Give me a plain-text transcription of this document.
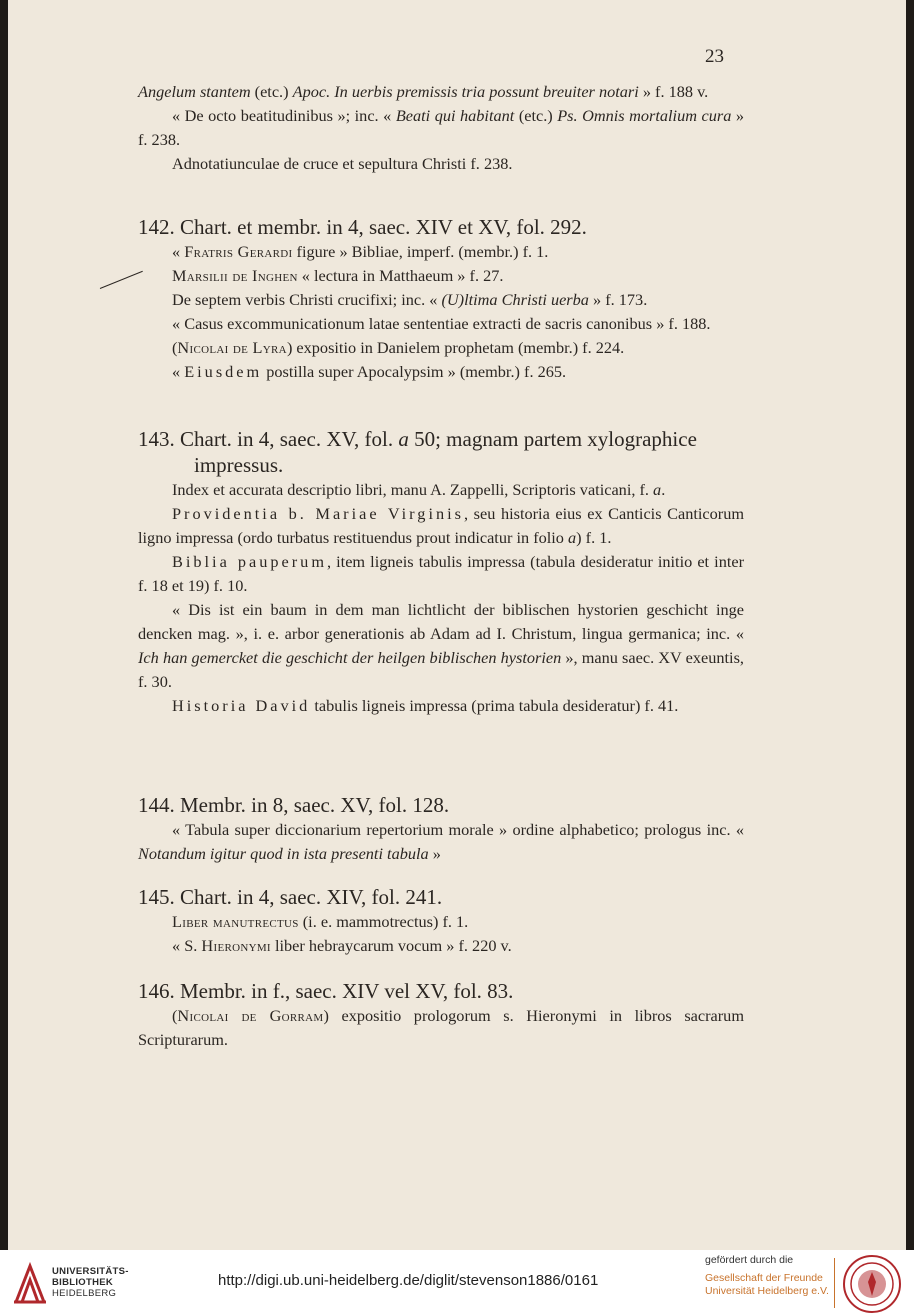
23

Angelum stantem (etc.) Apoc. In uerbis premissis tria possunt breuiter notari » f. 188 v.

« De octo beatitudinibus »; inc. « Beati qui habitant (etc.) Ps. Omnis mortalium cura » f. 238.

Adnotatiunculae de cruce et sepultura Christi f. 238.

142. Chart. et membr. in 4, saec. XIV et XV, fol. 292.

« Fratris Gerardi figure » Bibliae, imperf. (membr.) f. 1.

Marsilii de Inghen « lectura in Matthaeum » f. 27.

De septem verbis Christi crucifixi; inc. « (U)ltima Christi uerba » f. 173.

« Casus excommunicationum latae sententiae extracti de sacris canonibus » f. 188.

(Nicolai de Lyra) expositio in Danielem prophetam (membr.) f. 224.

« Eiusdem postilla super Apocalypsim » (membr.) f. 265.

143. Chart. in 4, saec. XV, fol. a 50; magnam partem xylographice impressus.

Index et accurata descriptio libri, manu A. Zappelli, Scriptoris vaticani, f. a.

Providentia b. Mariae Virginis, seu historia eius ex Canticis Canticorum ligno impressa (ordo turbatus restituendus prout indicatur in folio a) f. 1.

Biblia pauperum, item ligneis tabulis impressa (tabula desideratur initio et inter f. 18 et 19) f. 10.

« Dis ist ein baum in dem man lichtlicht der biblischen hystorien geschicht inge dencken mag. », i. e. arbor generationis ab Adam ad I. Christum, lingua germanica; inc. « Ich han gemercket die geschicht der heilgen biblischen hystorien », manu saec. XV exeuntis, f. 30.

Historia David tabulis ligneis impressa (prima tabula desideratur) f. 41.

144. Membr. in 8, saec. XV, fol. 128.

« Tabula super diccionarium repertorium morale » ordine alphabetico; prologus inc. « Notandum igitur quod in ista presenti tabula »

145. Chart. in 4, saec. XIV, fol. 241.

Liber manutrectus (i. e. mammotrectus) f. 1.

« S. Hieronymi liber hebraycarum vocum » f. 220 v.

146. Membr. in f., saec. XIV vel XV, fol. 83.

(Nicolai de Gorram) expositio prologorum s. Hieronymi in libros sacrarum Scripturarum.

UNIVERSITÄTS-
BIBLIOTHEK
HEIDELBERG
http://digi.ub.uni-heidelberg.de/diglit/stevenson1886/0161
gefördert durch die
Gesellschaft der Freunde
Universität Heidelberg e.V.
